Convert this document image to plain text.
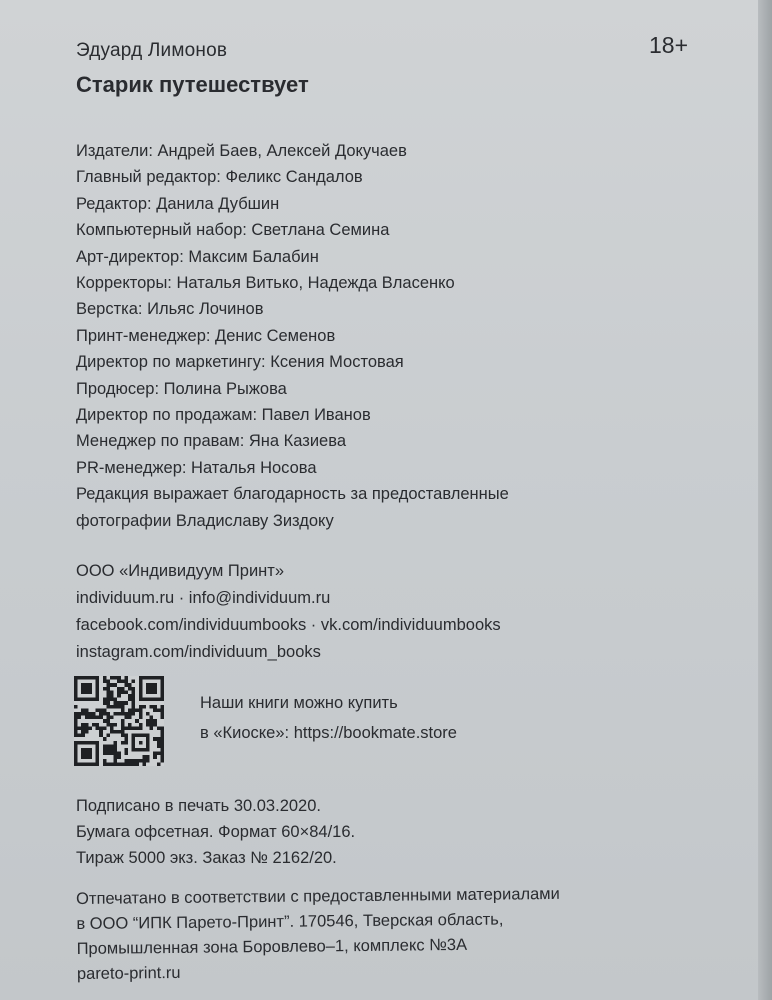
Эдуард Лимонов
Старик путешествует
18+
Издатели: Андрей Баев, Алексей Докучаев
Главный редактор: Феликс Сандалов
Редактор: Данила Дубшин
Компьютерный набор: Светлана Семина
Арт-директор: Максим Балабин
Корректоры: Наталья Витько, Надежда Власенко
Верстка: Ильяс Лочинов
Принт-менеджер: Денис Семенов
Директор по маркетингу: Ксения Мостовая
Продюсер: Полина Рыжова
Директор по продажам: Павел Иванов
Менеджер по правам: Яна Казиева
PR-менеджер: Наталья Носова
Редакция выражает благодарность за предоставленные
фотографии Владиславу Зиздоку
ООО «Индивидуум Принт»
individuum.ru · info@individuum.ru
facebook.com/individuumbooks · vk.com/individuumbooks
instagram.com/individuum_books
Наши книги можно купить
в «Киоске»: https://bookmate.store
Подписано в печать 30.03.2020.
Бумага офсетная. Формат 60×84/16.
Тираж 5000 экз. Заказ № 2162/20.
Отпечатано в соответствии с предоставленными материалами
в ООО “ИПК Парето-Принт”. 170546, Тверская область,
Промышленная зона Боровлево–1, комплекс №3А
pareto-print.ru
